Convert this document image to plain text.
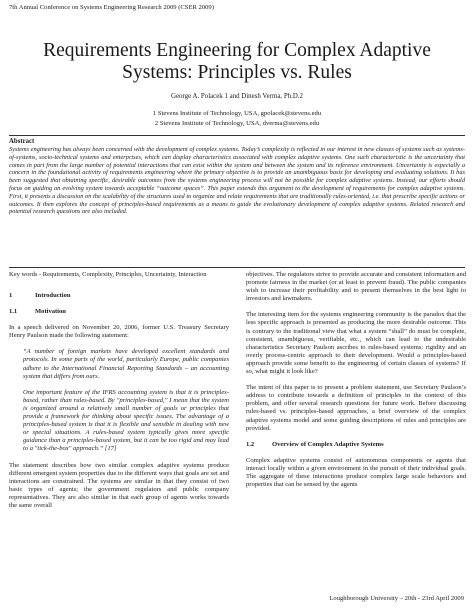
7th Annual Conference on Systems Engineering Research 2009 (CSER 2009)
Requirements Engineering for Complex Adaptive
Systems: Principles vs. Rules
George A. Polacek 1 and Dinesh Verma, Ph.D.2
1 Stevens Institute of Technology, USA, gpolacek@stevens.edu
2 Stevens Institute of Technology, USA, dverma@stevens.edu
Abstract
Systems engineering has always been concerned with the development of complex systems. Today’s complexity is reflected in our interest in new classes of systems such as systems-of-systems, socio-technical systems and enterprises, which can display characteristics associated with complex adaptive systems. One such characteristic is the uncertainty that comes in part from the large number of potential interactions that can exist within the system and between the system and its reference environment. Uncertainty is especially a concern in the foundational activity of requirements engineering where the primary objective is to provide an unambiguous basis for developing and evaluating solutions. It has been suggested that obtaining specific, desirable outcomes from the systems engineering process will not be possible for complex adaptive systems. Instead, our efforts should focus on guiding an evolving system towards acceptable “outcome spaces”. This paper extends this argument to the development of requirements for complex adaptive systems. First, it presents a discussion on the scalability of the structures used to organize and relate requirements that are traditionally rules-oriented, i.e. that prescribe specific actions or outcomes. It then explores the concept of principles-based requirements as a means to guide the evolutionary development of complex adaptive systems. Related research and potential research questions are also included.
Key words - Requirements, Complexity, Principles, Uncertainty, Interaction

1	Introduction

1.1	Motivation

In a speech delivered on November 20, 2006, former U.S. Treasury Secretary Henry Paulson made the following statement:

“A number of foreign markets have developed excellent standards and protocols. In some parts of the world, particularly Europe, public companies adhere to the International Financial Reporting Standards – an accounting system that differs from ours.

One important feature of the IFRS accounting system is that it is principles-based, rather than rules-based. By "principles-based," I mean that the system is organized around a relatively small number of goals or principles that provide a framework for thinking about specific issues. The advantage of a principles-based system is that it is flexible and sensible in dealing with new or special situations. A rules-based system typically gives more specific guidance than a principles-based system, but it can be too rigid and may lead to a "tick-the-box" approach.” [17]

The statement describes how two similar complex adaptive systems produce different emergent system properties due to the different ways that goals are set and interactions are constrained. The systems are similar in that they consist of two basic types of agents; the government regulators and public company representatives. They are also similar in that each group of agents works towards the same overall

objectives. The regulators strive to provide accurate and consistent information and promote fairness in the market (or at least to prevent fraud). The public companies wish to increase their profitability and to present themselves in the best light to investors and lawmakers.

The interesting item for the systems engineering community is the paradox that the less specific approach is presented as producing the more desirable outcome. This is contrary to the traditional view that what a system “shall” do must be complete, consistent, unambiguous, verifiable, etc., which can lead to the undesirable characteristics Secretary Paulson ascribes to rules-based systems: rigidity and an overly process-centric approach to their development. Would a principles-based approach provide some benefit to the engineering of certain classes of systems? If so, what might it look like?

The intent of this paper is to present a problem statement, use Secretary Paulson’s address to contribute towards a definition of principles in the context of this problem, and offer several research questions for future work. Before discussing rules-based vs. principles-based approaches, a brief overview of the complex adaptive systems model and some guiding descriptions of rules and principles are provided.

1.2	Overview of Complex Adaptive Systems

Complex adaptive systems consist of autonomous components or agents that interact locally within a given environment in the pursuit of their individual goals. The aggregate of these interactions produce complex large scale behaviors and properties that can be sensed by the agents

Loughborough University – 20th - 23rd April 2009
